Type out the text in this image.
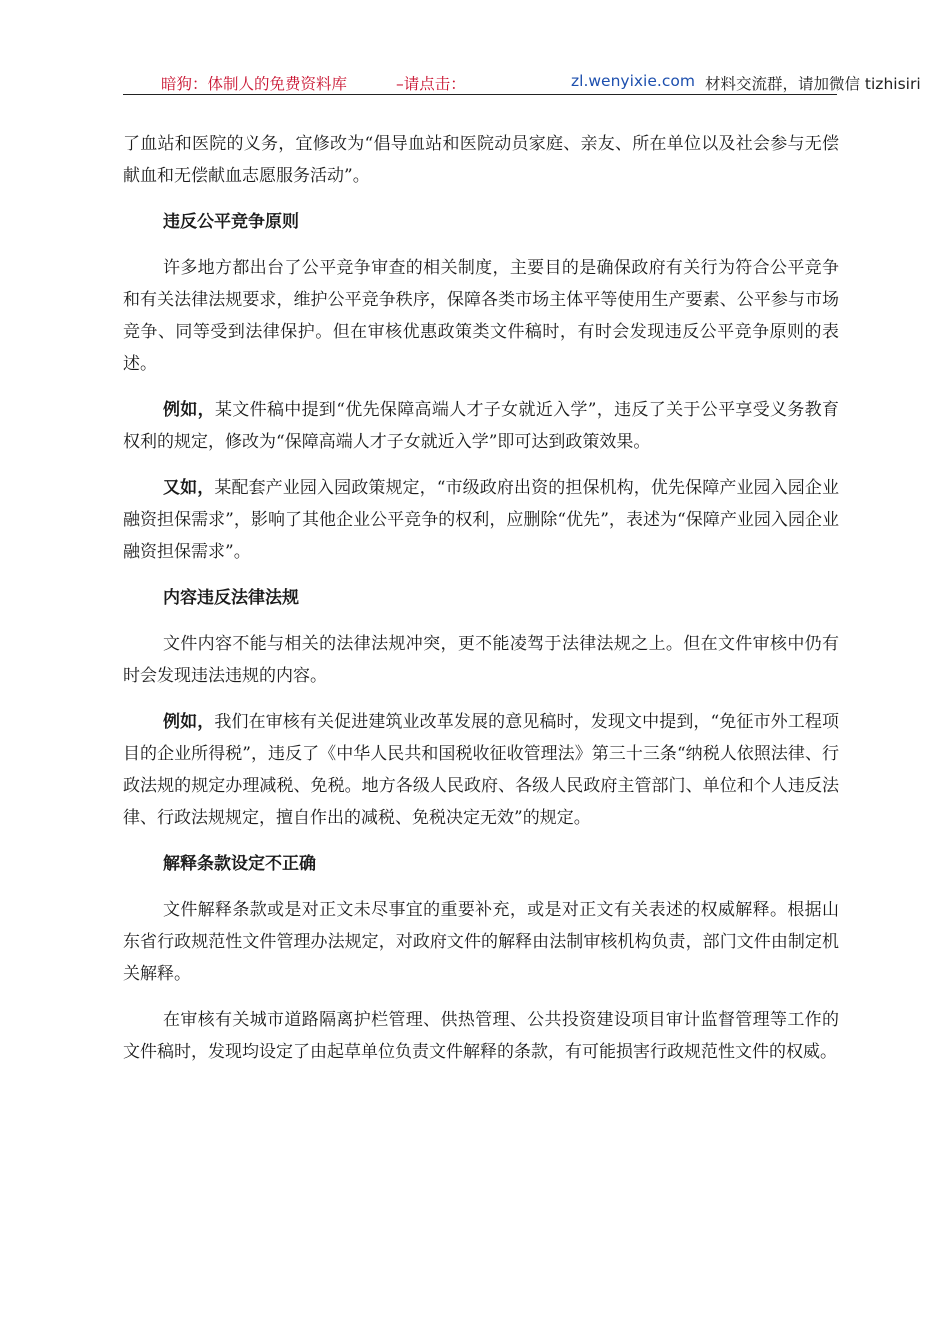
暗狗：体制人的免费资料库	–请点击：	zl.wenyixie.com 材料交流群，请加微信 tizhisiri

了血站和医院的义务，宜修改为“倡导血站和医院动员家庭、亲友、所在单位以及社会参与无偿献血和无偿献血志愿服务活动”。

违反公平竞争原则

许多地方都出台了公平竞争审查的相关制度，主要目的是确保政府有关行为符合公平竞争和有关法律法规要求，维护公平竞争秩序，保障各类市场主体平等使用生产要素、公平参与市场竞争、同等受到法律保护。但在审核优惠政策类文件稿时，有时会发现违反公平竞争原则的表述。

例如，某文件稿中提到“优先保障高端人才子女就近入学”，违反了关于公平享受义务教育权利的规定，修改为“保障高端人才子女就近入学”即可达到政策效果。

又如，某配套产业园入园政策规定，“市级政府出资的担保机构，优先保障产业园入园企业融资担保需求”，影响了其他企业公平竞争的权利，应删除“优先”，表述为“保障产业园入园企业融资担保需求”。

内容违反法律法规

文件内容不能与相关的法律法规冲突，更不能凌驾于法律法规之上。但在文件审核中仍有时会发现违法违规的内容。

例如，我们在审核有关促进建筑业改革发展的意见稿时，发现文中提到，“免征市外工程项目的企业所得税”，违反了《中华人民共和国税收征收管理法》第三十三条“纳税人依照法律、行政法规的规定办理减税、免税。地方各级人民政府、各级人民政府主管部门、单位和个人违反法律、行政法规规定，擅自作出的减税、免税决定无效”的规定。

解释条款设定不正确

文件解释条款或是对正文未尽事宜的重要补充，或是对正文有关表述的权威解释。根据山东省行政规范性文件管理办法规定，对政府文件的解释由法制审核机构负责，部门文件由制定机关解释。

在审核有关城市道路隔离护栏管理、供热管理、公共投资建设项目审计监督管理等工作的文件稿时，发现均设定了由起草单位负责文件解释的条款，有可能损害行政规范性文件的权威。
